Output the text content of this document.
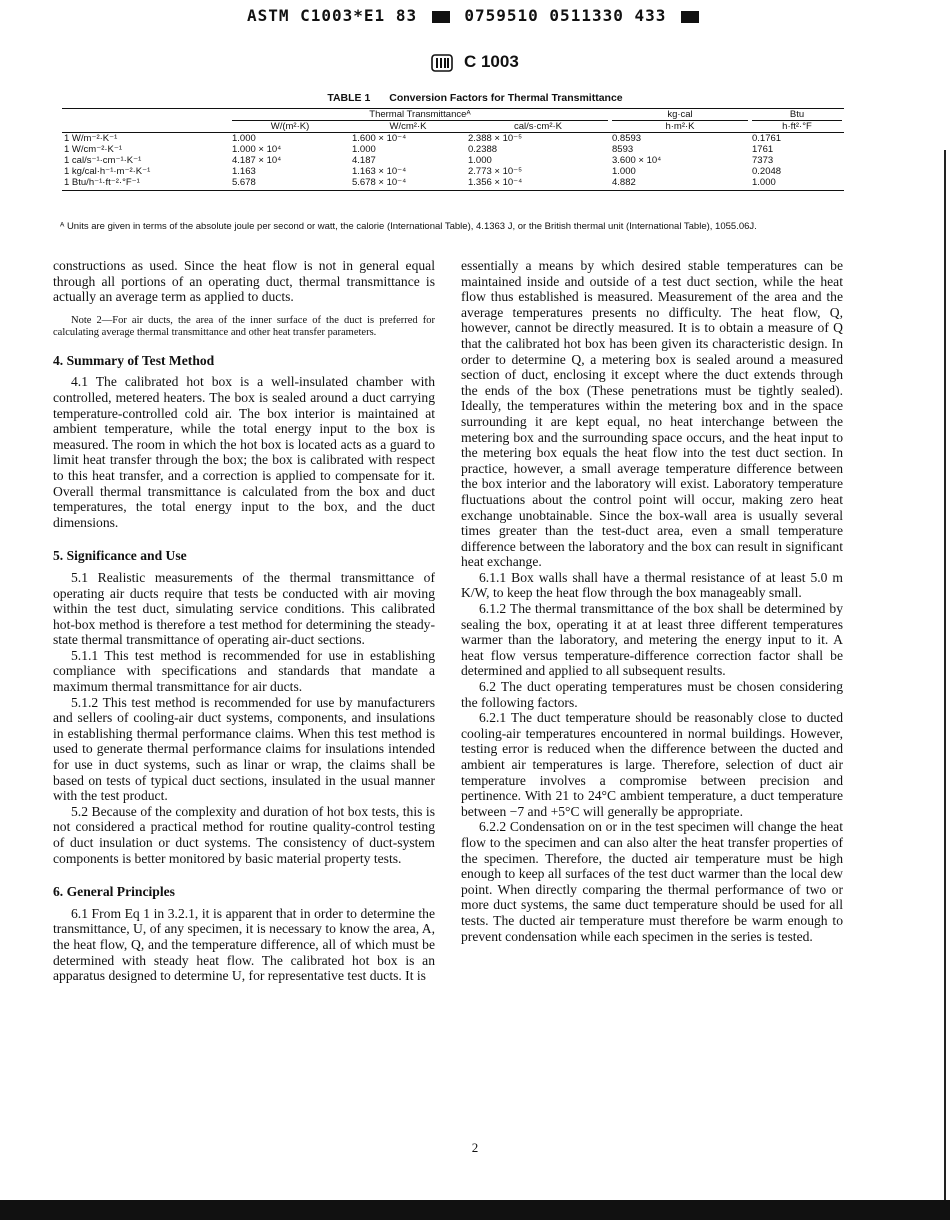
ASTM C1003*E1 83	0759510 0511330 433
C 1003
TABLE 1 Conversion Factors for Thermal Transmittance

	Thermal Transmittanceᴬ			kg·cal	Btu

	W/(m²·K)	W/cm²·K	cal/s·cm²·K	h·m²·K	h·ft²·°F
1 W/m⁻²·K⁻¹	1.000	1.600 × 10⁻⁴	2.388 × 10⁻⁵	0.8593	0.1761
1 W/cm⁻²·K⁻¹	1.000 × 10⁴	1.000	0.2388	8593	1761
1 cal/s⁻¹·cm⁻¹·K⁻¹	4.187 × 10⁴	4.187	1.000	3.600 × 10⁴	7373
1 kg/cal·h⁻¹·m⁻²·K⁻¹	1.163	1.163 × 10⁻⁴	2.773 × 10⁻⁵	1.000	0.2048
1 Btu/h⁻¹·ft⁻²·°F⁻¹	5.678	5.678 × 10⁻⁴	1.356 × 10⁻⁴	4.882	1.000
ᴬ Units are given in terms of the absolute joule per second or watt, the calorie (International Table), 4.1363 J, or the British thermal unit (International Table), 1055.06J.

constructions as used. Since the heat flow is not in general equal through all portions of an operating duct, thermal transmittance is actually an average term as applied to ducts.

Note 2—For air ducts, the area of the inner surface of the duct is preferred for calculating average thermal transmittance and other heat transfer parameters.

4. Summary of Test Method

4.1 The calibrated hot box is a well-insulated chamber with controlled, metered heaters. The box is sealed around a duct carrying temperature-controlled cold air. The box interior is maintained at ambient temperature, while the total energy input to the box is measured. The room in which the hot box is located acts as a guard to limit heat transfer through the box; the box is calibrated with respect to this heat transfer, and a correction is applied to compensate for it. Overall thermal transmittance is calculated from the box and duct temperatures, the total energy input to the box, and the duct dimensions.

5. Significance and Use

5.1 Realistic measurements of the thermal transmittance of operating air ducts require that tests be conducted with air moving within the test duct, simulating service conditions. This calibrated hot-box method is therefore a test method for determining the steady-state thermal transmittance of operating air-duct sections.

5.1.1 This test method is recommended for use in establishing compliance with specifications and standards that mandate a maximum thermal transmittance for air ducts.

5.1.2 This test method is recommended for use by manufacturers and sellers of cooling-air duct systems, components, and insulations in establishing thermal performance claims. When this test method is used to generate thermal performance claims for insulations intended for use in duct systems, such as linar or wrap, the claims shall be based on tests of typical duct sections, insulated in the usual manner with the test product.

5.2 Because of the complexity and duration of hot box tests, this is not considered a practical method for routine quality-control testing of duct insulation or duct systems. The consistency of duct-system components is better monitored by basic material property tests.

6. General Principles

6.1 From Eq 1 in 3.2.1, it is apparent that in order to determine the transmittance, U, of any specimen, it is necessary to know the area, A, the heat flow, Q, and the temperature difference, all of which must be determined with steady heat flow. The calibrated hot box is an apparatus designed to determine U, for representative test ducts. It is

essentially a means by which desired stable temperatures can be maintained inside and outside of a test duct section, while the heat flow thus established is measured. Measurement of the area and the average temperatures presents no difficulty. The heat flow, Q, however, cannot be directly measured. It is to obtain a measure of Q that the calibrated hot box has been given its characteristic design. In order to determine Q, a metering box is sealed around a measured section of duct, enclosing it except where the duct extends through the ends of the box (These penetrations must be tightly sealed). Ideally, the temperatures within the metering box and in the space surrounding it are kept equal, no heat interchange between the metering box and the surrounding space occurs, and the heat input to the metering box equals the heat flow into the test duct section. In practice, however, a small average temperature difference between the box interior and the laboratory will exist. Laboratory temperature fluctuations about the control point will occur, making zero heat exchange unobtainable. Since the box-wall area is usually several times greater than the test-duct area, even a small temperature difference between the laboratory and the box can result in significant heat exchange.

6.1.1 Box walls shall have a thermal resistance of at least 5.0 m K/W, to keep the heat flow through the box manageably small.

6.1.2 The thermal transmittance of the box shall be determined by sealing the box, operating it at at least three different temperatures warmer than the laboratory, and metering the energy input to it. A heat flow versus temperature-difference correction factor shall be determined and applied to all subsequent results.

6.2 The duct operating temperatures must be chosen considering the following factors.

6.2.1 The duct temperature should be reasonably close to ducted cooling-air temperatures encountered in normal buildings. However, testing error is reduced when the difference between the ducted and ambient air temperatures is large. Therefore, selection of duct air temperature involves a compromise between precision and pertinence. With 21 to 24°C ambient temperature, a duct temperature between −7 and +5°C will generally be appropriate.

6.2.2 Condensation on or in the test specimen will change the heat flow to the specimen and can also alter the heat transfer properties of the specimen. Therefore, the ducted air temperature must be high enough to keep all surfaces of the test duct warmer than the local dew point. When directly comparing the thermal performance of two or more duct systems, the same duct temperature should be used for all tests. The ducted air temperature must therefore be warm enough to prevent condensation while each specimen in the series is tested.

2
